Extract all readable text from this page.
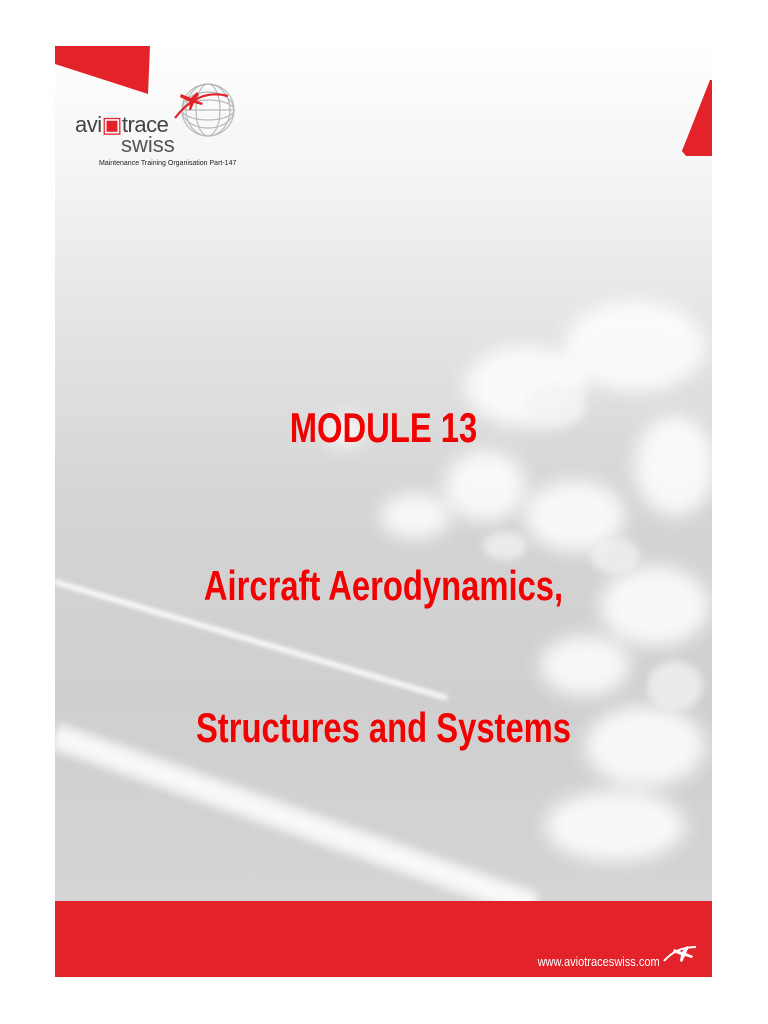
avi▣trace
swiss
Maintenance Training Organisation Part-147
MODULE 13
Aircraft Aerodynamics,
Structures and Systems
www.aviotraceswiss.com
